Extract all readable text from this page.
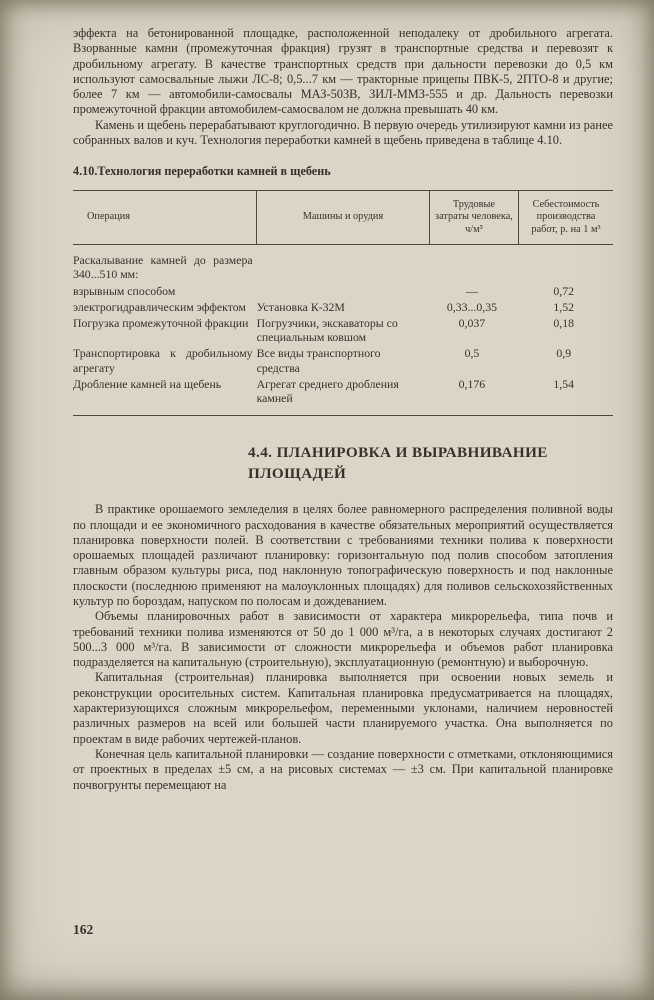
эффекта на бетонированной площадке, расположенной неподалеку от дробильного агрегата. Взорванные камни (промежуточная фракция) грузят в транспортные средства и перевозят к дробильному агрегату. В качестве транспортных средств при дальности перевозки до 0,5 км используют самосвальные лыжи ЛС-8; 0,5...7 км — тракторные прицепы ПВК-5, 2ПТО-8 и другие; более 7 км — автомобили-самосвалы МАЗ-503В, ЗИЛ-ММЗ-555 и др. Дальность перевозки промежуточной фракции автомобилем-самосвалом не должна превышать 40 км.

Камень и щебень перерабатывают круглогодично. В первую очередь утилизируют камни из ранее собранных валов и куч. Технология переработки камней в щебень приведена в таблице 4.10.

4.10.Технология переработки камней в щебень
Операция	Машины и орудия	Трудовые затраты человека, ч/м³	Себестоимость производства работ, р. на 1 м³
Раскалывание камней до размера 340...510 мм:			
взрывным способом		—	0,72
электрогидравлическим эффектом	Установка К-32М	0,33...0,35	1,52
Погрузка промежуточной фракции	Погрузчики, экскаваторы со специальным ковшом	0,037	0,18
Транспортировка к дробильному агрегату	Все виды транспортного средства	0,5	0,9
Дробление камней на щебень	Агрегат среднего дробления камней	0,176	1,54
4.4. ПЛАНИРОВКА И ВЫРАВНИВАНИЕ
ПЛОЩАДЕЙ

В практике орошаемого земледелия в целях более равномерного распределения поливной воды по площади и ее экономичного расходования в качестве обязательных мероприятий осуществляется планировка поверхности полей. В соответствии с требованиями техники полива к поверхности орошаемых площадей различают планировку: горизонтальную под полив способом затопления главным образом культуры риса, под наклонную топографическую поверхность и под наклонные плоскости (последнюю применяют на малоуклонных площадях) для поливов сельскохозяйственных культур по бороздам, напуском по полосам и дождеванием.

Объемы планировочных работ в зависимости от характера микрорельефа, типа почв и требований техники полива изменяются от 50 до 1 000 м³/га, а в некоторых случаях достигают 2 500...3 000 м³/га. В зависимости от сложности микрорельефа и объемов работ планировка подразделяется на капитальную (строительную), эксплуатационную (ремонтную) и выборочную.

Капитальная (строительная) планировка выполняется при освоении новых земель и реконструкции оросительных систем. Капитальная планировка предусматривается на площадях, характеризующихся сложным микрорельефом, переменными уклонами, наличием неровностей различных размеров на всей или большей части планируемого участка. Она выполняется по проектам в виде рабочих чертежей-планов.

Конечная цель капитальной планировки — создание поверхности с отметками, отклоняющимися от проектных в пределах ±5 см, а на рисовых системах — ±3 см. При капитальной планировке почвогрунты перемещают на

162
